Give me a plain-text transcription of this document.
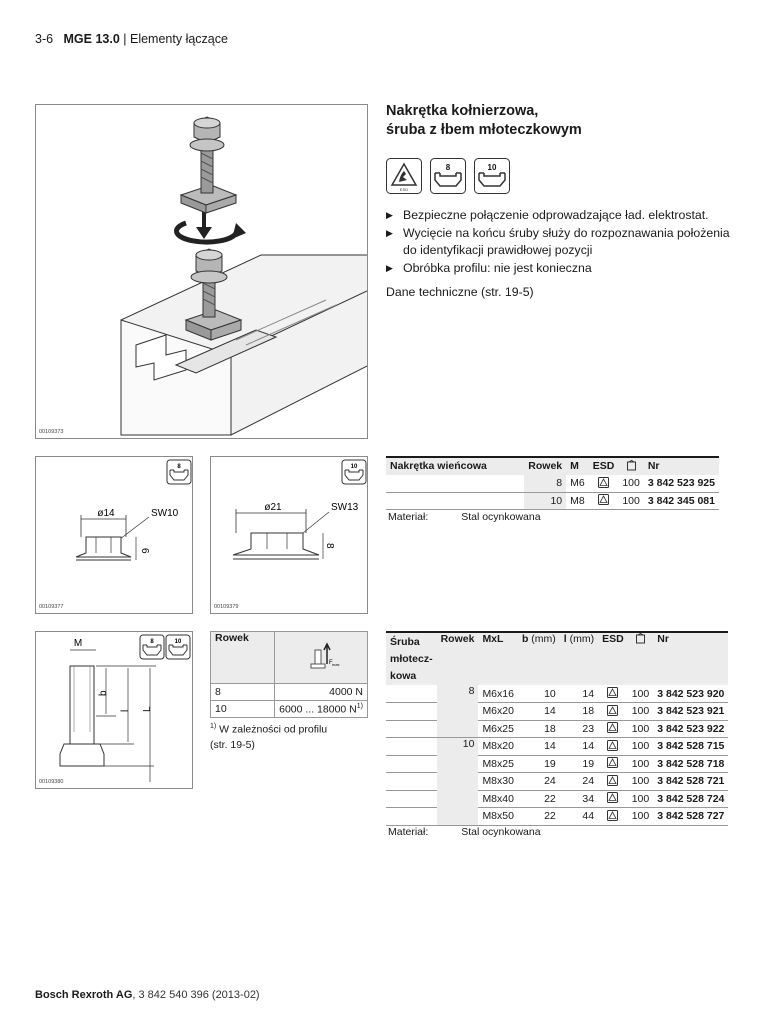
3-6 MGE 13.0 | Elementy łączące
00109373
Nakrętka kołnierzowa,
śruba z łbem młoteczkowym
ESD
8	10
▶ Bezpieczne połączenie odprowadzające ład. elektrostat.
▶ Wycięcie na końcu śruby służy do rozpoznawania położenia do identyfikacji prawidłowej pozycji
▶ Obróbka profilu: nie jest konieczna
Dane techniczne (str. 19-5)
8
ø14	SW10
6
00109377
10
ø21	SW13
8
00109379
Nakrętka wieńcowa	Rowek	M	ESD		Nr
	8	M6		100	3 842 523 925
	10	M8		100	3 842 345 081
Materiał:	Stal ocynkowana
8	10
M
b
l L
00109380
Rowek	F max

8	4000 N
10	6000 ... 18000 $N^{1)}$
$^{1)}$ W zależności od profilu
(str. 19-5)
Śruba
młotecz-
kowa	Rowek	MxL	b (mm)	l (mm)	ESD		Nr
	8	M6x16	10	14		100	3 842 523 920
		M6x20	14	18		100	3 842 523 921
		M6x25	18	23		100	3 842 523 922
	10	M8x20	14	14		100	3 842 528 715
		M8x25	19	19		100	3 842 528 718
		M8x30	24	24		100	3 842 528 721
		M8x40	22	34		100	3 842 528 724
		M8x50	22	44		100	3 842 528 727
Materiał:	Stal ocynkowana
Bosch Rexroth AG, 3 842 540 396 (2013-02)
